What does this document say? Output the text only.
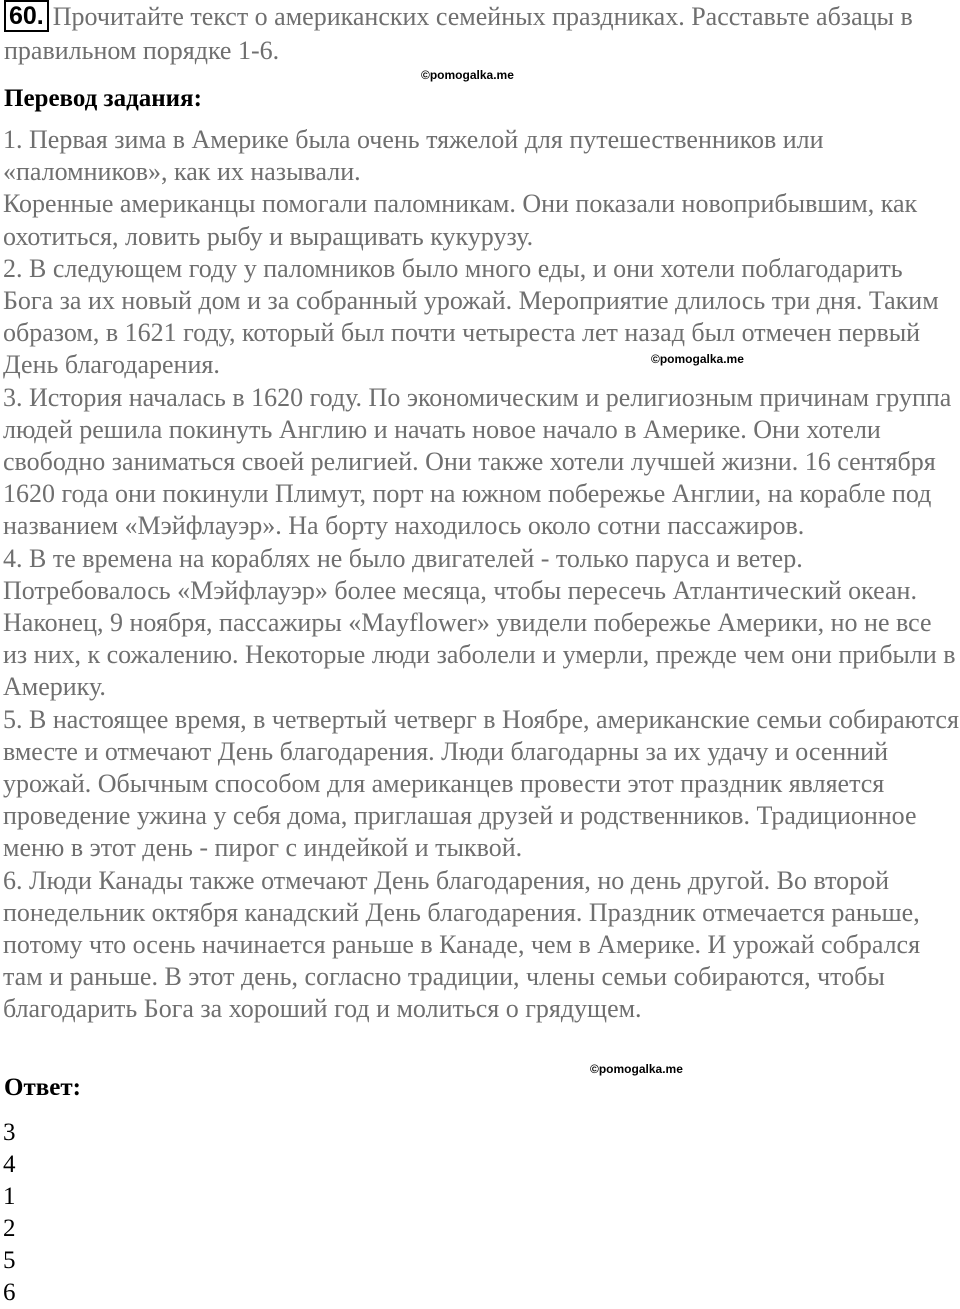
60. Прочитайте текст о американских семейных праздниках. Расставьте абзацы в правильном порядке 1-6.
©pomogalka.me
Перевод задания:

1. Первая зима в Америке была очень тяжелой для путешественников или «паломников», как их называли.

Коренные американцы помогали паломникам. Они показали новоприбывшим, как охотиться, ловить рыбу и выращивать кукурузу.

2. В следующем году у паломников было много еды, и они хотели поблагодарить Бога за их новый дом и за собранный урожай. Мероприятие длилось три дня. Таким образом, в 1621 году, который был почти четыреста лет назад был отмечен первый День благодарения.

3. История началась в 1620 году. По экономическим и религиозным причинам группа людей решила покинуть Англию и начать новое начало в Америке. Они хотели свободно заниматься своей религией. Они также хотели лучшей жизни. 16 сентября 1620 года они покинули Плимут, порт на южном побережье Англии, на корабле под названием «Мэйфлауэр». На борту находилось около сотни пассажиров.

4. В те времена на кораблях не было двигателей - только паруса и ветер. Потребовалось «Мэйфлауэр» более месяца, чтобы пересечь Атлантический океан. Наконец, 9 ноября, пассажиры «Mayflower» увидели побережье Америки, но не все из них, к сожалению. Некоторые люди заболели и умерли, прежде чем они прибыли в Америку.

5. В настоящее время, в четвертый четверг в Ноябре, американские семьи собираются вместе и отмечают День благодарения. Люди благодарны за их удачу и осенний урожай. Обычным способом для американцев провести этот праздник является проведение ужина у себя дома, приглашая друзей и родственников. Традиционное меню в этот день - пирог с индейкой и тыквой.

6. Люди Канады также отмечают День благодарения, но день другой. Во второй понедельник октября канадский День благодарения. Праздник отмечается раньше, потому что осень начинается раньше в Канаде, чем в Америке. И урожай собрался там и раньше. В этот день, согласно традиции, члены семьи собираются, чтобы благодарить Бога за хороший год и молиться о грядущем.

©pomogalka.me
Ответ:
©pomogalka.me
3
4
1
2
5
6
